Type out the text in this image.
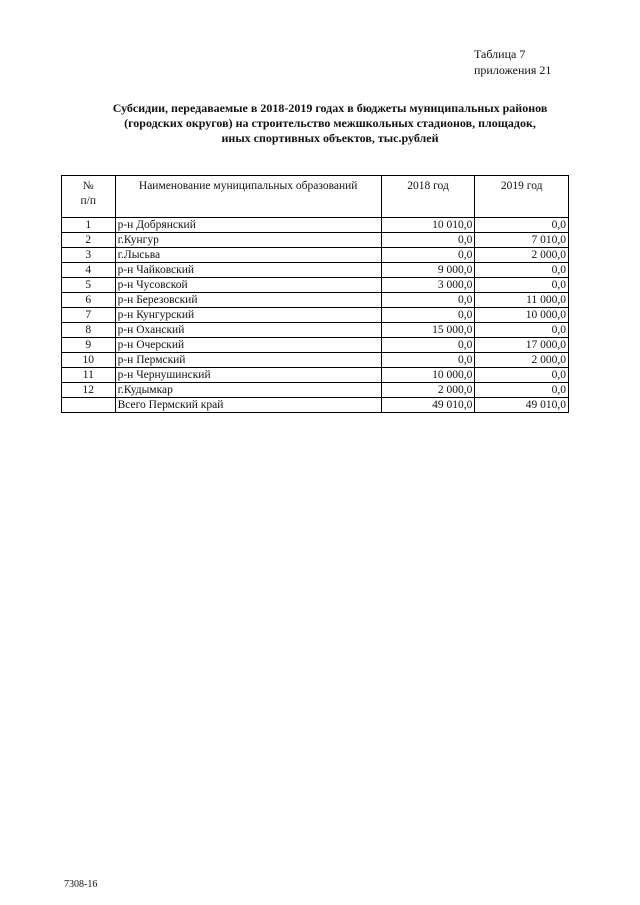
Таблица 7
приложения 21
Субсидии, передаваемые в 2018-2019 годах в бюджеты муниципальных районов
(городских округов) на строительство межшкольных стадионов, площадок,
иных спортивных объектов, тыс.рублей
№
п/п	Наименование муниципальных образований	2018 год	2019 год
1	р-н Добрянский	10 010,0	0,0
2	г.Кунгур	0,0	7 010,0
3	г.Лысьва	0,0	2 000,0
4	р-н Чайковский	9 000,0	0,0
5	р-н Чусовской	3 000,0	0,0
6	р-н Березовский	0,0	11 000,0
7	р-н Кунгурский	0,0	10 000,0
8	р-н Оханский	15 000,0	0,0
9	р-н Очерский	0,0	17 000,0
10	р-н Пермский	0,0	2 000,0
11	р-н Чернушинский	10 000,0	0,0
12	г.Кудымкар	2 000,0	0,0
	Всего Пермский край	49 010,0	49 010,0
7308-16
